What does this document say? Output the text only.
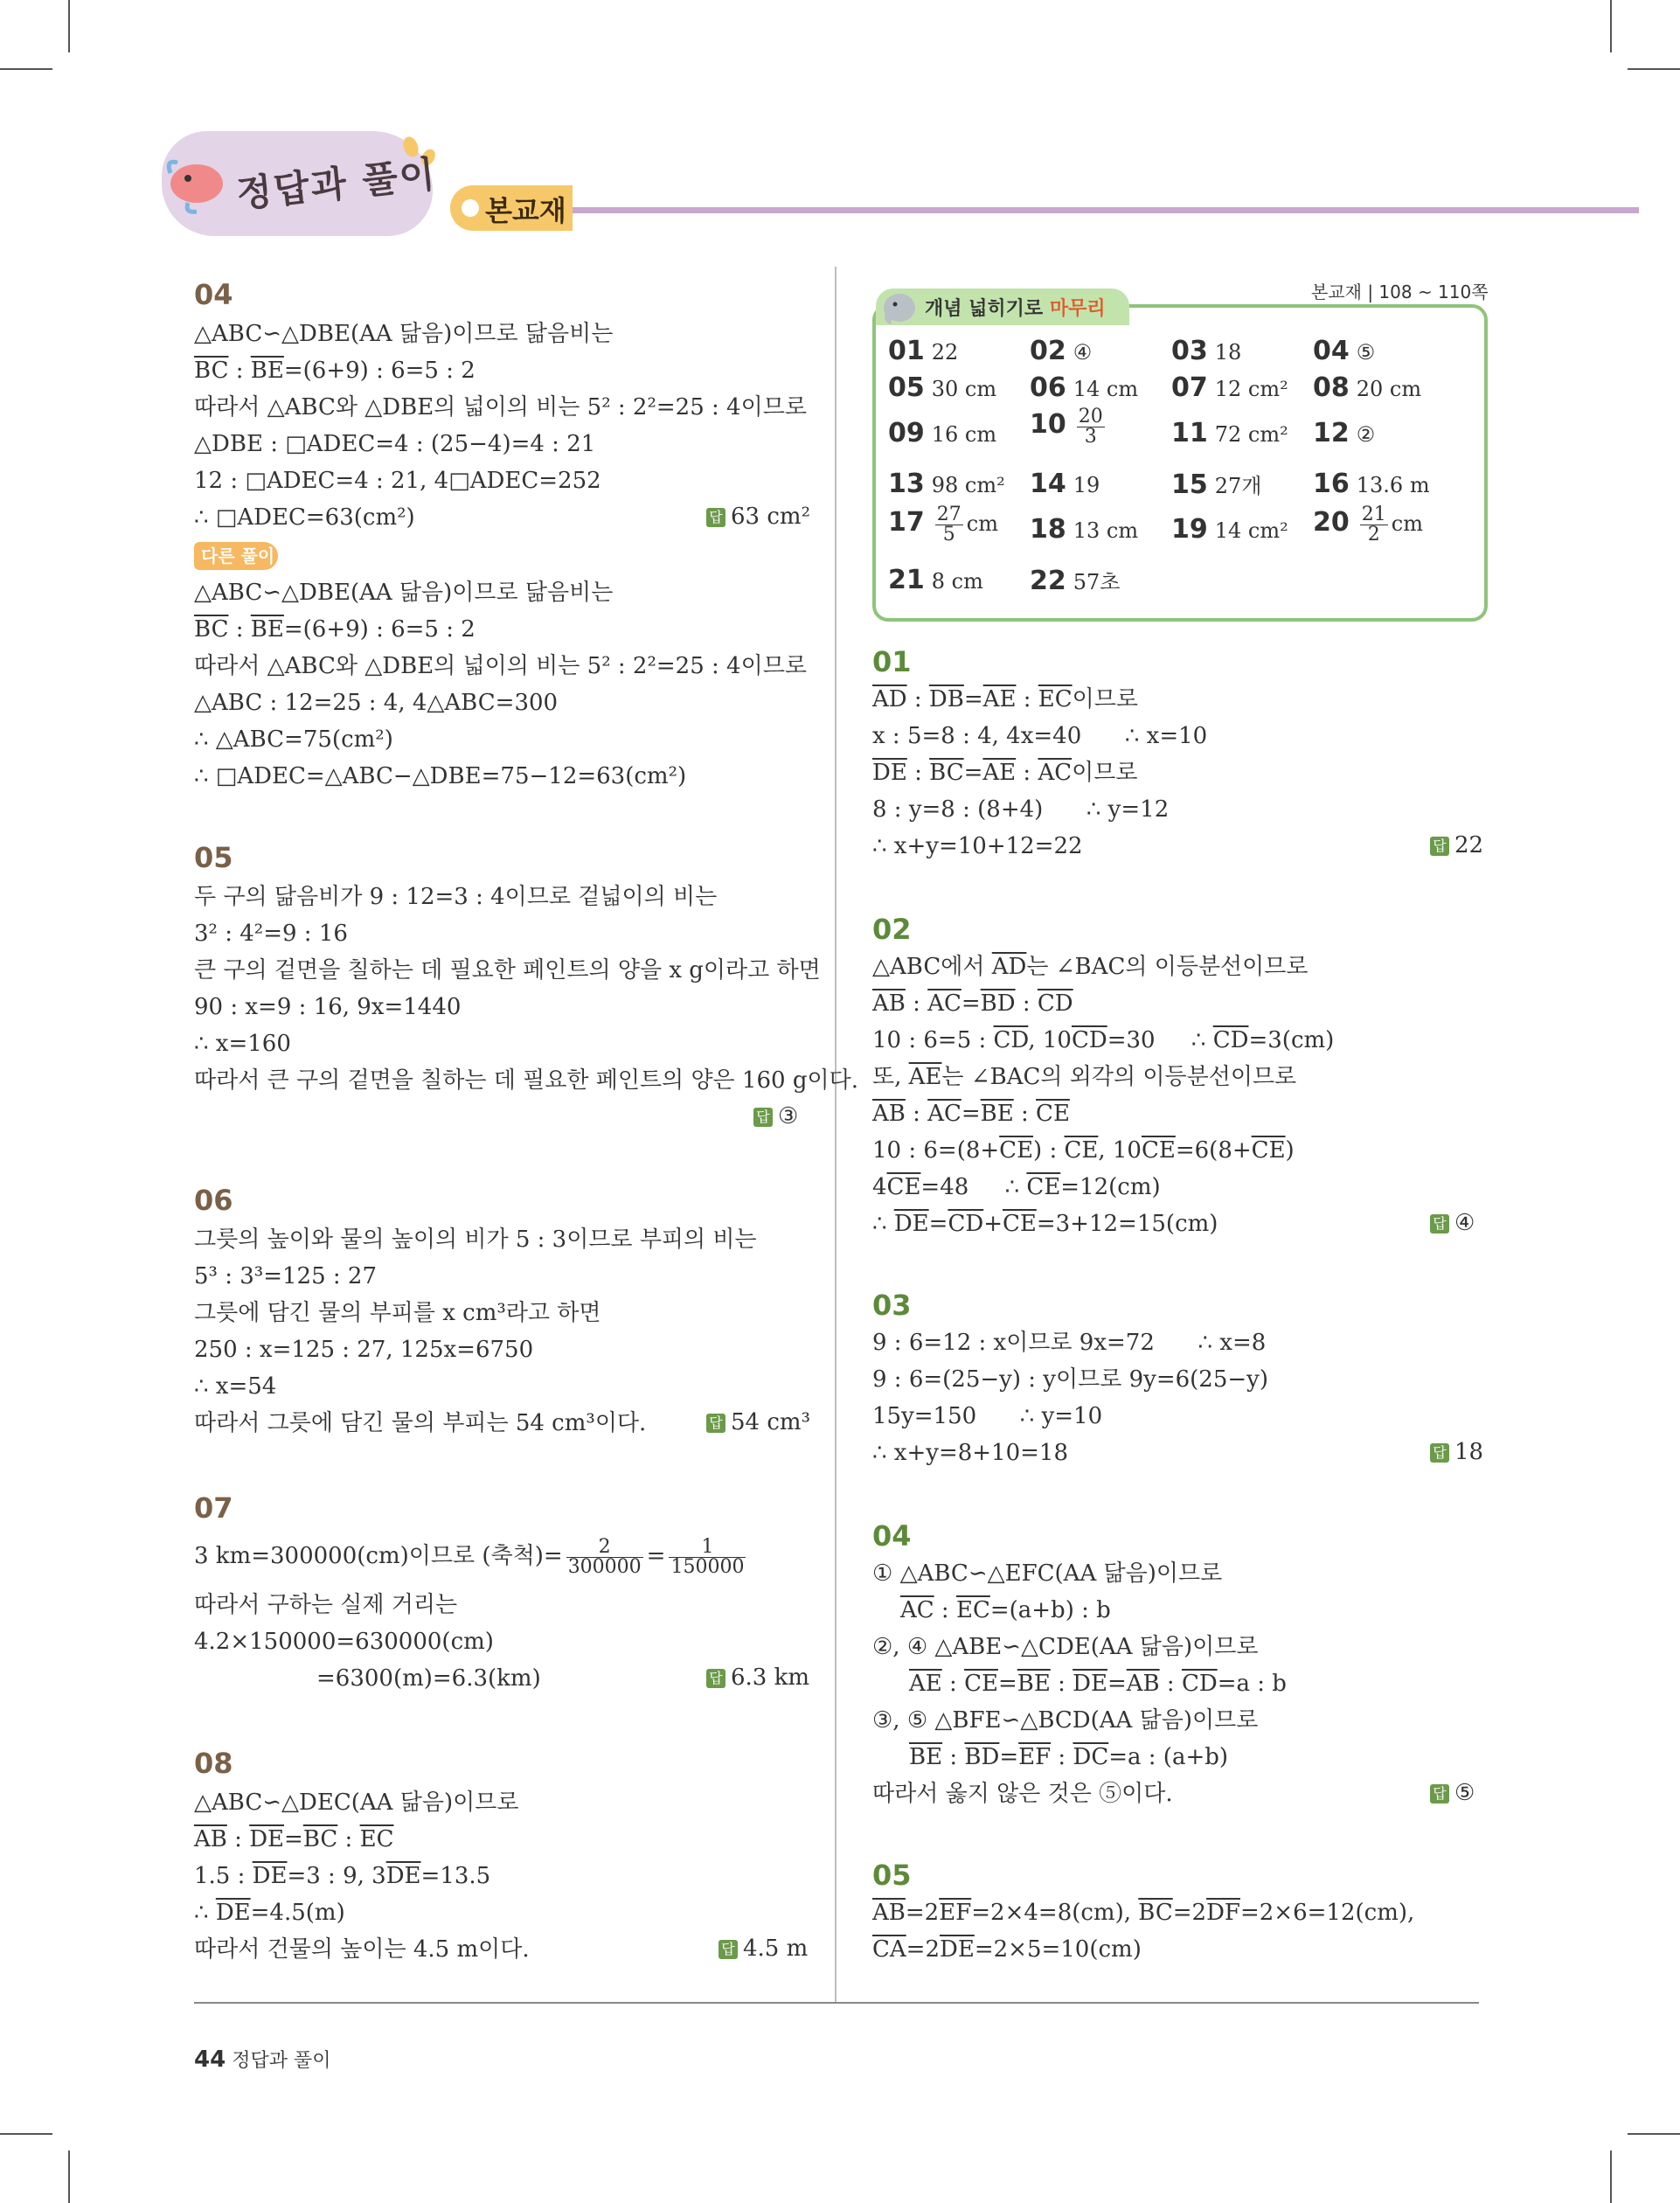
정답과 풀이 본교재
04
△ABC∽△DBE(AA 닮음)이므로 닮음비는
$\overline{BC}$ : $\overline{BE}=(6+9)$ : 6=5 : 2
따라서 △ABC와 △DBE의 넓이의 비는 5² : 2²=25 : 4이므로
△DBE : □ADEC=4 : (25−4)=4 : 21
12 : □ADEC=4 : 21, 4□ADEC=252
∴ □ADEC=63(cm²)	답 63 cm²
다른 풀이
△ABC∽△DBE(AA 닮음)이므로 닮음비는
$\overline{BC}$ : $\overline{BE}=(6+9)$ : 6=5 : 2
따라서 △ABC와 △DBE의 넓이의 비는 5² : 2²=25 : 4이므로
△ABC : 12=25 : 4, 4△ABC=300
∴ △ABC=75(cm²)
∴ □ADEC=△ABC−△DBE=75−12=63(cm²)
05
두 구의 닮음비가 9 : 12=3 : 4이므로 겉넓이의 비는
3² : 4²=9 : 16
큰 구의 겉면을 칠하는 데 필요한 페인트의 양을 x g이라고 하면
90 : x=9 : 16, 9x=1440
∴ x=160
따라서 큰 구의 겉면을 칠하는 데 필요한 페인트의 양은 160 g이다.
답 ③
06
그릇의 높이와 물의 높이의 비가 5 : 3이므로 부피의 비는
5³ : 3³=125 : 27
그릇에 담긴 물의 부피를 x cm³라고 하면
250 : x=125 : 27, 125x=6750
∴ x=54
따라서 그릇에 담긴 물의 부피는 54 cm³이다.	답 54 cm³
07
3 km=300000(cm)이므로 (축척)= $\frac{2}{300000} = \frac{1}{150000}$
따라서 구하는 실제 거리는
4.2×150000=630000(cm)
=6300(m)=6.3(km)	답 6.3 km
08
△ABC∽△DEC(AA 닮음)이므로
$\overline{AB}$ : $\overline{DE}=\overline{BC}$ : $\overline{EC}$
1.5 : $\overline{DE}=3$ : 9, $3\overline{DE}=13.5$
∴ $\overline{DE}=4.5(m)$
따라서 건물의 높이는 4.5 m이다.	답 4.5 m
본교재 | 108 ~ 110쪽
개념 넓히기로 마무리
01 22	02 ④	03 18	04 ⑤
05 30 cm 06 14 cm 07 12 cm² 08 20 cm
09 16 cm $10 \frac{20}{3}$	11 72 cm² 12 ②
13 98 cm² 14 19	15 27개 16 13.6 m
$17 \frac{27}{5}$ cm 18 13 cm 19 14 cm² $20 \frac{21}{2}$ cm
21 8 cm 22 57초
01
$\overline{AD}$ : $\overline{DB}=\overline{AE}$ : $\overline{EC}$이므로
x : 5=8 : 4, 4x=40      ∴ x=10
$\overline{DE}$ : $\overline{BC}=\overline{AE}$ : $\overline{AC}$이므로
8 : y=8 : (8+4)      ∴ y=12
∴ x+y=10+12=22	답 22
02
△ABC에서 $\overline{AD}$는 ∠BAC의 이등분선이므로
$\overline{AB}$ : $\overline{AC}=\overline{BD}$ : $\overline{CD}$
10 : 6=5 : $\overline{CD}$, $10\overline{CD}=30$     ∴ $\overline{CD}=3(cm)$
또, $\overline{AE}$는 ∠BAC의 외각의 이등분선이므로
$\overline{AB}$ : $\overline{AC}=\overline{BE}$ : $\overline{CE}$
10 : $6=(8+\overline{CE})$ : $\overline{CE}$, $10\overline{CE}=6(8+\overline{CE})$
$4\overline{CE}=48$     ∴ $\overline{CE}=12(cm)$
∴ $\overline{DE}=\overline{CD}+\overline{CE}=3+12=15(cm)$	답 ④
03
9 : 6=12 : x이므로 9x=72      ∴ x=8
9 : 6=(25−y) : y이므로 9y=6(25−y)
15y=150      ∴ y=10
∴ x+y=8+10=18	답 18
04
① △ABC∽△EFC(AA 닮음)이므로
$\overline{AC}$ : $\overline{EC}=(a+b)$ : b
②, ④ △ABE∽△CDE(AA 닮음)이므로
$\overline{AE}$ : $\overline{CE}=\overline{BE}$ : $\overline{DE}=\overline{AB}$ : $\overline{CD}=a$ : b
③, ⑤ △BFE∽△BCD(AA 닮음)이므로
$\overline{BE}$ : $\overline{BD}=\overline{EF}$ : $\overline{DC}=a$ : (a+b)
따라서 옳지 않은 것은 ⑤이다.	답 ⑤
05
$\overline{AB}=2\overline{EF}=2\times 4=8(cm)$, $\overline{BC}=2\overline{DF}=2\times 6=12(cm)$,
$\overline{CA}=2\overline{DE}=2\times 5=10(cm)$
44 정답과 풀이
